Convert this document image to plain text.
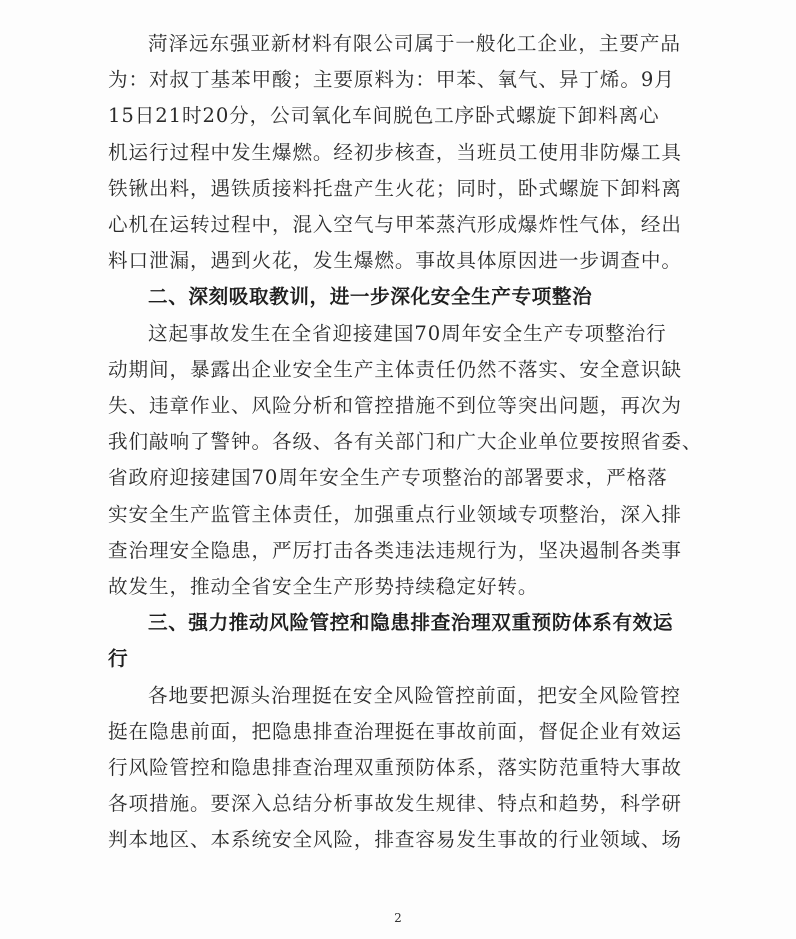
菏泽远东强亚新材料有限公司属于一般化工企业，主要产品
为：对叔丁基苯甲酸；主要原料为：甲苯、氧气、异丁烯。9月
15日21时20分，公司氧化车间脱色工序卧式螺旋下卸料离心
机运行过程中发生爆燃。经初步核查，当班员工使用非防爆工具
铁锹出料，遇铁质接料托盘产生火花；同时，卧式螺旋下卸料离
心机在运转过程中，混入空气与甲苯蒸汽形成爆炸性气体，经出
料口泄漏，遇到火花，发生爆燃。事故具体原因进一步调查中。

二、深刻吸取教训，进一步深化安全生产专项整治

这起事故发生在全省迎接建国70周年安全生产专项整治行
动期间，暴露出企业安全生产主体责任仍然不落实、安全意识缺
失、违章作业、风险分析和管控措施不到位等突出问题，再次为
我们敲响了警钟。各级、各有关部门和广大企业单位要按照省委、
省政府迎接建国70周年安全生产专项整治的部署要求，严格落
实安全生产监管主体责任，加强重点行业领域专项整治，深入排
查治理安全隐患，严厉打击各类违法违规行为，坚决遏制各类事
故发生，推动全省安全生产形势持续稳定好转。

三、强力推动风险管控和隐患排查治理双重预防体系有效运
行

各地要把源头治理挺在安全风险管控前面，把安全风险管控
挺在隐患前面，把隐患排查治理挺在事故前面，督促企业有效运
行风险管控和隐患排查治理双重预防体系，落实防范重特大事故
各项措施。要深入总结分析事故发生规律、特点和趋势，科学研
判本地区、本系统安全风险，排查容易发生事故的行业领域、场

2
